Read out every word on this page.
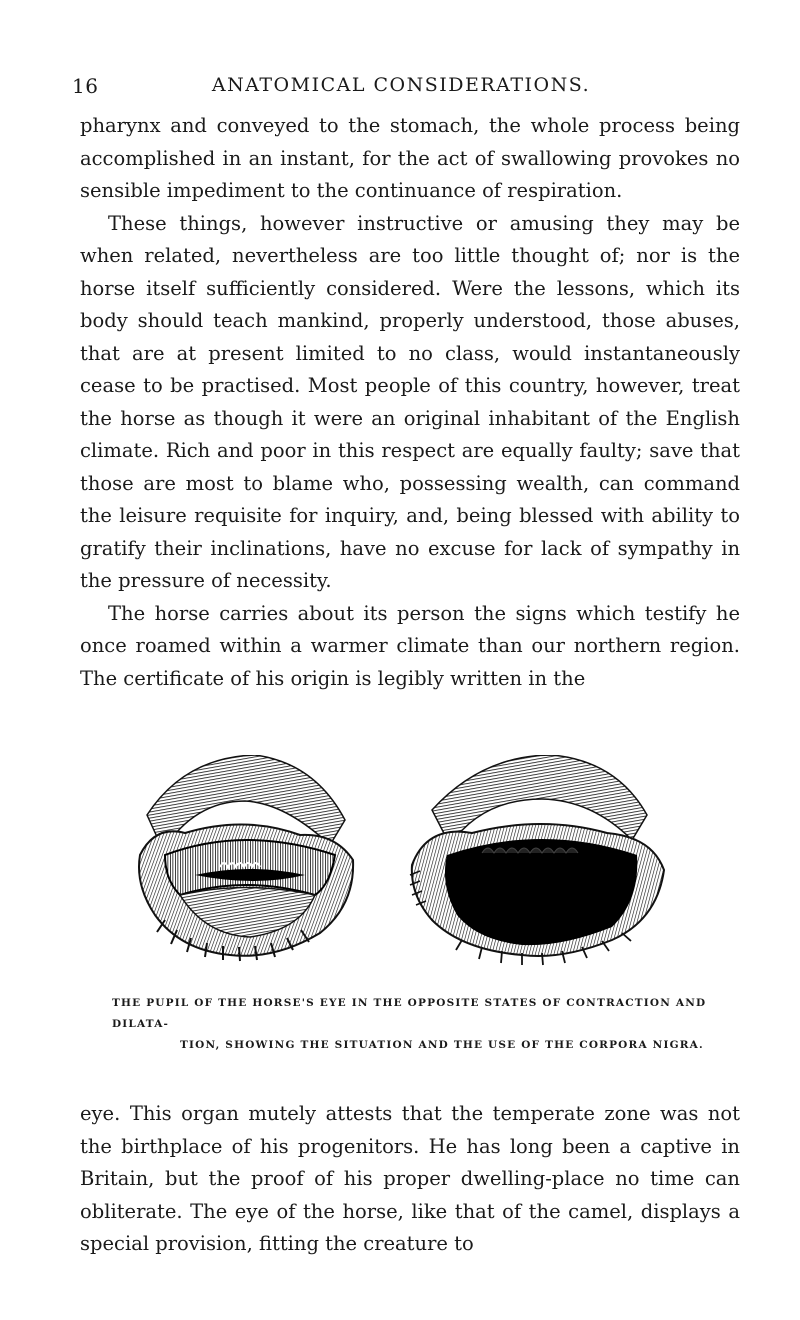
16	ANATOMICAL CONSIDERATIONS.

pharynx and conveyed to the stomach, the whole process being accomplished in an instant, for the act of swallowing provokes no sensible impediment to the continuance of respiration.

These things, however instructive or amusing they may be when related, nevertheless are too little thought of; nor is the horse itself sufficiently considered. Were the lessons, which its body should teach mankind, properly understood, those abuses, that are at present limited to no class, would instantaneously cease to be practised. Most people of this country, however, treat the horse as though it were an original inhabitant of the English climate. Rich and poor in this respect are equally faulty; save that those are most to blame who, possessing wealth, can command the leisure requisite for inquiry, and, being blessed with ability to gratify their inclinations, have no excuse for lack of sympathy in the pressure of necessity.

The horse carries about its person the signs which testify he once roamed within a warmer climate than our northern region. The certificate of his origin is legibly written in the

THE PUPIL OF THE HORSE'S EYE IN THE OPPOSITE STATES OF CONTRACTION AND DILATA-
TION, SHOWING THE SITUATION AND THE USE OF THE CORPORA NIGRA.

eye. This organ mutely attests that the temperate zone was not the birthplace of his progenitors. He has long been a captive in Britain, but the proof of his proper dwelling-place no time can obliterate. The eye of the horse, like that of the camel, displays a special provision, fitting the creature to
